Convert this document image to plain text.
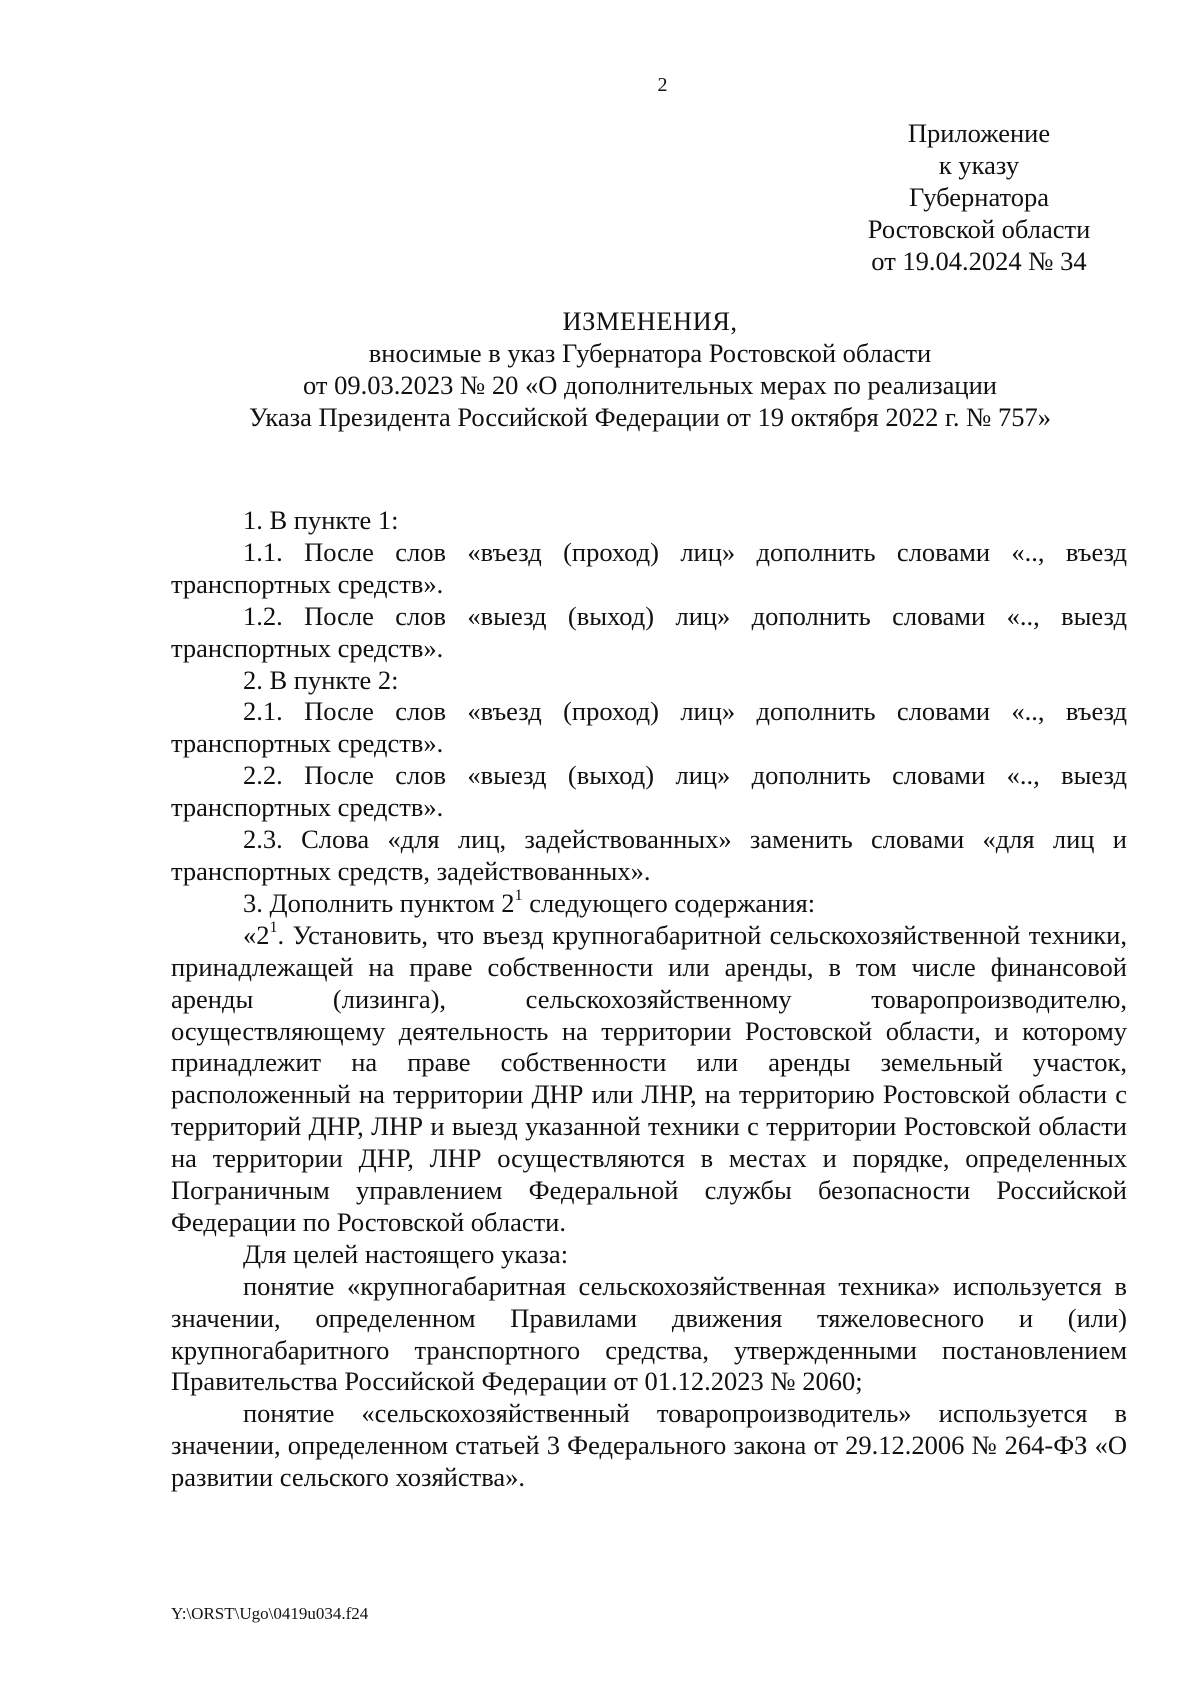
2
Приложение
к указу
Губернатора
Ростовской области
от 19.04.2024 № 34
ИЗМЕНЕНИЯ,
вносимые в указ Губернатора Ростовской области
от 09.03.2023 № 20 «О дополнительных мерах по реализации
Указа Президента Российской Федерации от 19 октября 2022 г. № 757»

1. В пункте 1:

1.1. После слов «въезд (проход) лиц» дополнить словами «.., въезд транспортных средств».

1.2. После слов «выезд (выход) лиц» дополнить словами «.., выезд транспортных средств».

2. В пункте 2:

2.1. После слов «въезд (проход) лиц» дополнить словами «.., въезд транспортных средств».

2.2. После слов «выезд (выход) лиц» дополнить словами «.., выезд транспортных средств».

2.3. Слова «для лиц, задействованных» заменить словами «для лиц и транспортных средств, задействованных».

3. Дополнить пунктом $2^1$ следующего содержания:

«$2^1$. Установить, что въезд крупногабаритной сельскохозяйственной техники, принадлежащей на праве собственности или аренды, в том числе финансовой аренды (лизинга), сельскохозяйственному товаропроизводителю, осуществляющему деятельность на территории Ростовской области, и которому принадлежит на праве собственности или аренды земельный участок, расположенный на территории ДНР или ЛНР, на территорию Ростовской области с территорий ДНР, ЛНР и выезд указанной техники с территории Ростовской области на территории ДНР, ЛНР осуществляются в местах и порядке, определенных Пограничным управлением Федеральной службы безопасности Российской Федерации по Ростовской области.

Для целей настоящего указа:

понятие «крупногабаритная сельскохозяйственная техника» используется в значении, определенном Правилами движения тяжеловесного и (или) крупногабаритного транспортного средства, утвержденными постановлением Правительства Российской Федерации от 01.12.2023 № 2060;

понятие «сельскохозяйственный товаропроизводитель» используется в значении, определенном статьей 3 Федерального закона от 29.12.2006 № 264-ФЗ «О развитии сельского хозяйства».

Y:\ORST\Ugo\0419u034.f24
